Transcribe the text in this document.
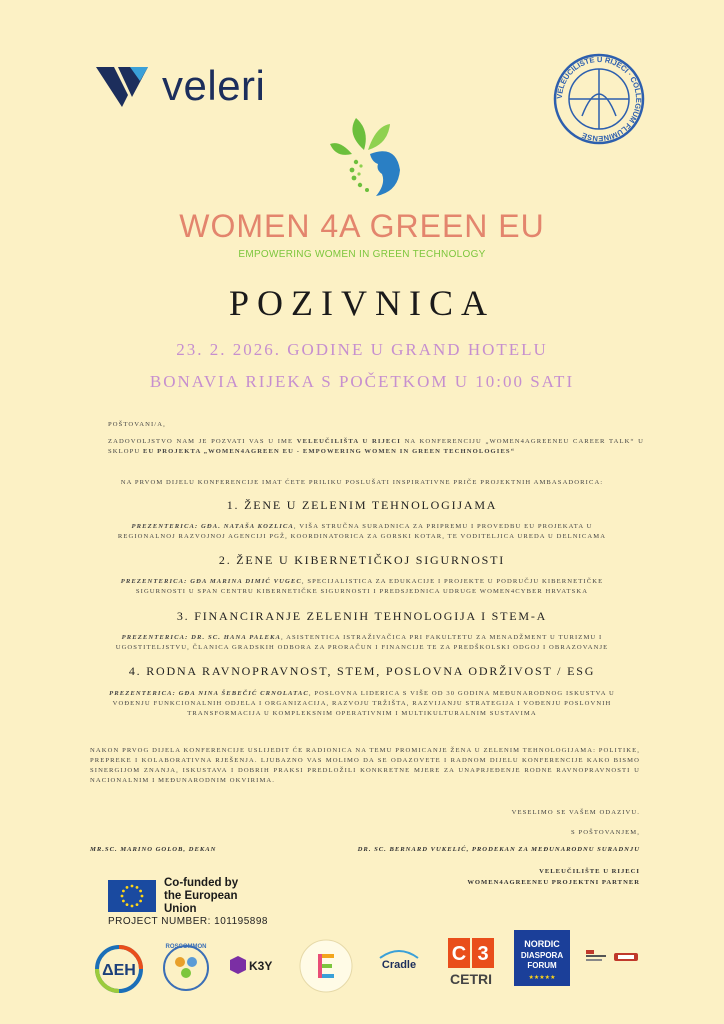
veleri	VELEUČILIŠTE U RIJECI · COLLEGIUM FLUMINENSE
WOMEN 4A GREEN EU
EMPOWERING WOMEN IN GREEN TECHNOLOGY
POZIVNICA
23. 2. 2026. GODINE U GRAND HOTELU
BONAVIA RIJEKA S POČETKOM U 10:00 SATI
POŠTOVANI/A,
ZADOVOLJSTVO NAM JE POZVATI VAS U IME VELEUČILIŠTA U RIJECI NA KONFERENCIJU „WOMEN4AGREENEU CAREER TALK“ U SKLOPU EU PROJEKTA „WOMEN4AGREEN EU - EMPOWERING WOMEN IN GREEN TECHNOLOGIES“
NA PRVOM DIJELU KONFERENCIJE IMAT ĆETE PRILIKU POSLUŠATI INSPIRATIVNE PRIČE PROJEKTNIH AMBASADORICA:
1. ŽENE U ZELENIM TEHNOLOGIJAMA
PREZENTERICA: GĐA. NATAŠA KOZLICA, VIŠA STRUČNA SURADNICA ZA PRIPREMU I PROVEDBU EU PROJEKATA U REGIONALNOJ RAZVOJNOJ AGENCIJI PGŽ, KOORDINATORICA ZA GORSKI KOTAR, TE VODITELJICA UREDA U DELNICAMA
2. ŽENE U KIBERNETIČKOJ SIGURNOSTI
PREZENTERICA: GĐA MARINA DIMIĆ VUGEC, SPECIJALISTICA ZA EDUKACIJE I PROJEKTE U PODRUČJU KIBERNETIČKE SIGURNOSTI U SPAN CENTRU KIBERNETIČKE SIGURNOSTI I PREDSJEDNICA UDRUGE WOMEN4CYBER HRVATSKA
3. FINANCIRANJE ZELENIH TEHNOLOGIJA I STEM-A
PREZENTERICA: DR. SC. HANA PALEKA, ASISTENTICA ISTRAŽIVAČICA PRI FAKULTETU ZA MENADŽMENT U TURIZMU I UGOSTITELJSTVU, ČLANICA GRADSKIH ODBORA ZA PRORAČUN I FINANCIJE TE ZA PREDŠKOLSKI ODGOJ I OBRAZOVANJE
4. RODNA RAVNOPRAVNOST, STEM, POSLOVNA ODRŽIVOST / ESG
PREZENTERICA: GĐA NINA ŠEBEČIĆ CRNOLATAC, POSLOVNA LIDERICA S VIŠE OD 30 GODINA MEĐUNARODNOG ISKUSTVA U VOĐENJU FUNKCIONALNIH ODJELA I ORGANIZACIJA, RAZVOJU TRŽIŠTA, RAZVIJANJU STRATEGIJA I VOĐENJU POSLOVNIH TRANSFORMACIJA U KOMPLEKSNIM OPERATIVNIM I MULTIKULTURALNIM SUSTAVIMA
NAKON PRVOG DIJELA KONFERENCIJE USLIJEDIT ĆE RADIONICA NA TEMU PROMICANJE ŽENA U ZELENIM TEHNOLOGIJAMA: POLITIKE, PREPREKE I KOLABORATIVNA RJEŠENJA. LJUBAZNO VAS MOLIMO DA SE ODAZOVETE I RADNOM DIJELU KONFERENCIJE KAKO BISMO SINERGIJOM ZNANJA, ISKUSTAVA I DOBRIH PRAKSI PREDLOŽILI KONKRETNE MJERE ZA UNAPRJEĐENJE RODNE RAVNOPRAVNOSTI U NACIONALNIM I MEĐUNARODNIM OKVIRIMA.
VESELIMO SE VAŠEM ODAZIVU.
S POŠTOVANJEM,
MR.SC. MARINO GOLOB, DEKAN	DR. SC. BERNARD VUKELIĆ, PRODEKAN ZA MEĐUNARODNU SURADNJU
VELEUČILIŠTE U RIJECI
WOMEN4AGREENEU PROJEKTNI PARTNER
Co-funded by
the European Union
PROJECT NUMBER: 101195898
ΔΕΗ
ROSCOMMON
K3Y	Cradle C 3
CETRI
NORDIC
DIASPORA
FORUM
★★★★★
